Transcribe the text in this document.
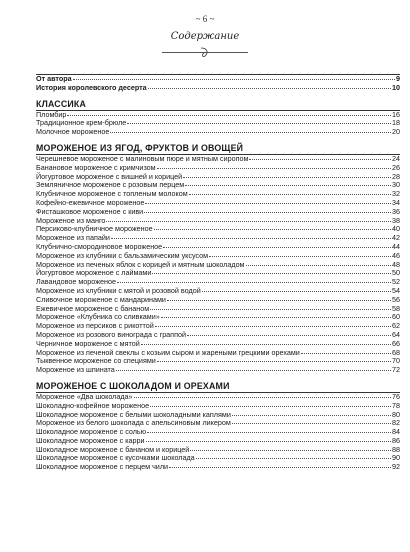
~ 6 ~
Содержание
От автора	9
История королевского десерта	10
КЛАССИКА
Пломбир	16
Традиционное крем-брюле	18
Молочное мороженое	20
МОРОЖЕНОЕ ИЗ ЯГОД, ФРУКТОВ И ОВОЩЕЙ
Черешневое мороженое с малиновым пюре и мятным сиропом	24
Банановое мороженое с кримчизом	26
Йогуртовое мороженое с вишней и корицей	28
Земляничное мороженое с розовым перцем	30
Клубничное мороженое с топленым молоком	32
Кофейно-ежевичное мороженое	34
Фисташковое мороженое с киви	36
Мороженое из манго	38
Персиково-клубничное мороженое	40
Мороженое из папайи	42
Клубнично-смородиновое мороженое	44
Мороженое из клубники с бальзамическим уксусом	46
Мороженое из печеных яблок с корицей и мятным шоколадом	48
Йогуртовое мороженое с лаймами	50
Лавандовое мороженое	52
Мороженое из клубники с мятой и розовой водой	54
Сливочное мороженое с мандаринами	56
Ежевичное мороженое с бананом	58
Мороженое «Клубника со сливками»	60
Мороженое из персиков с рикоттой	62
Мороженое из розового винограда с граппой	64
Черничное мороженое с мятой	66
Мороженое из печеной свеклы с козьим сыром и жареными грецкими орехами	68
Тыквенное мороженое со специями	70
Мороженое из шпината	72
МОРОЖЕНОЕ С ШОКОЛАДОМ И ОРЕХАМИ
Мороженое «Два шоколада»	76
Шоколадно-кофейное мороженое	78
Шоколадное мороженое с белыми шоколадными каплями	80
Мороженое из белого шоколада с апельсиновым ликером	82
Шоколадное мороженое с солью	84
Шоколадное мороженое с карри	86
Шоколадное мороженое с бананом и корицей	88
Шоколадное мороженое с кусочками шоколада	90
Шоколадное мороженое с перцем чили	92
